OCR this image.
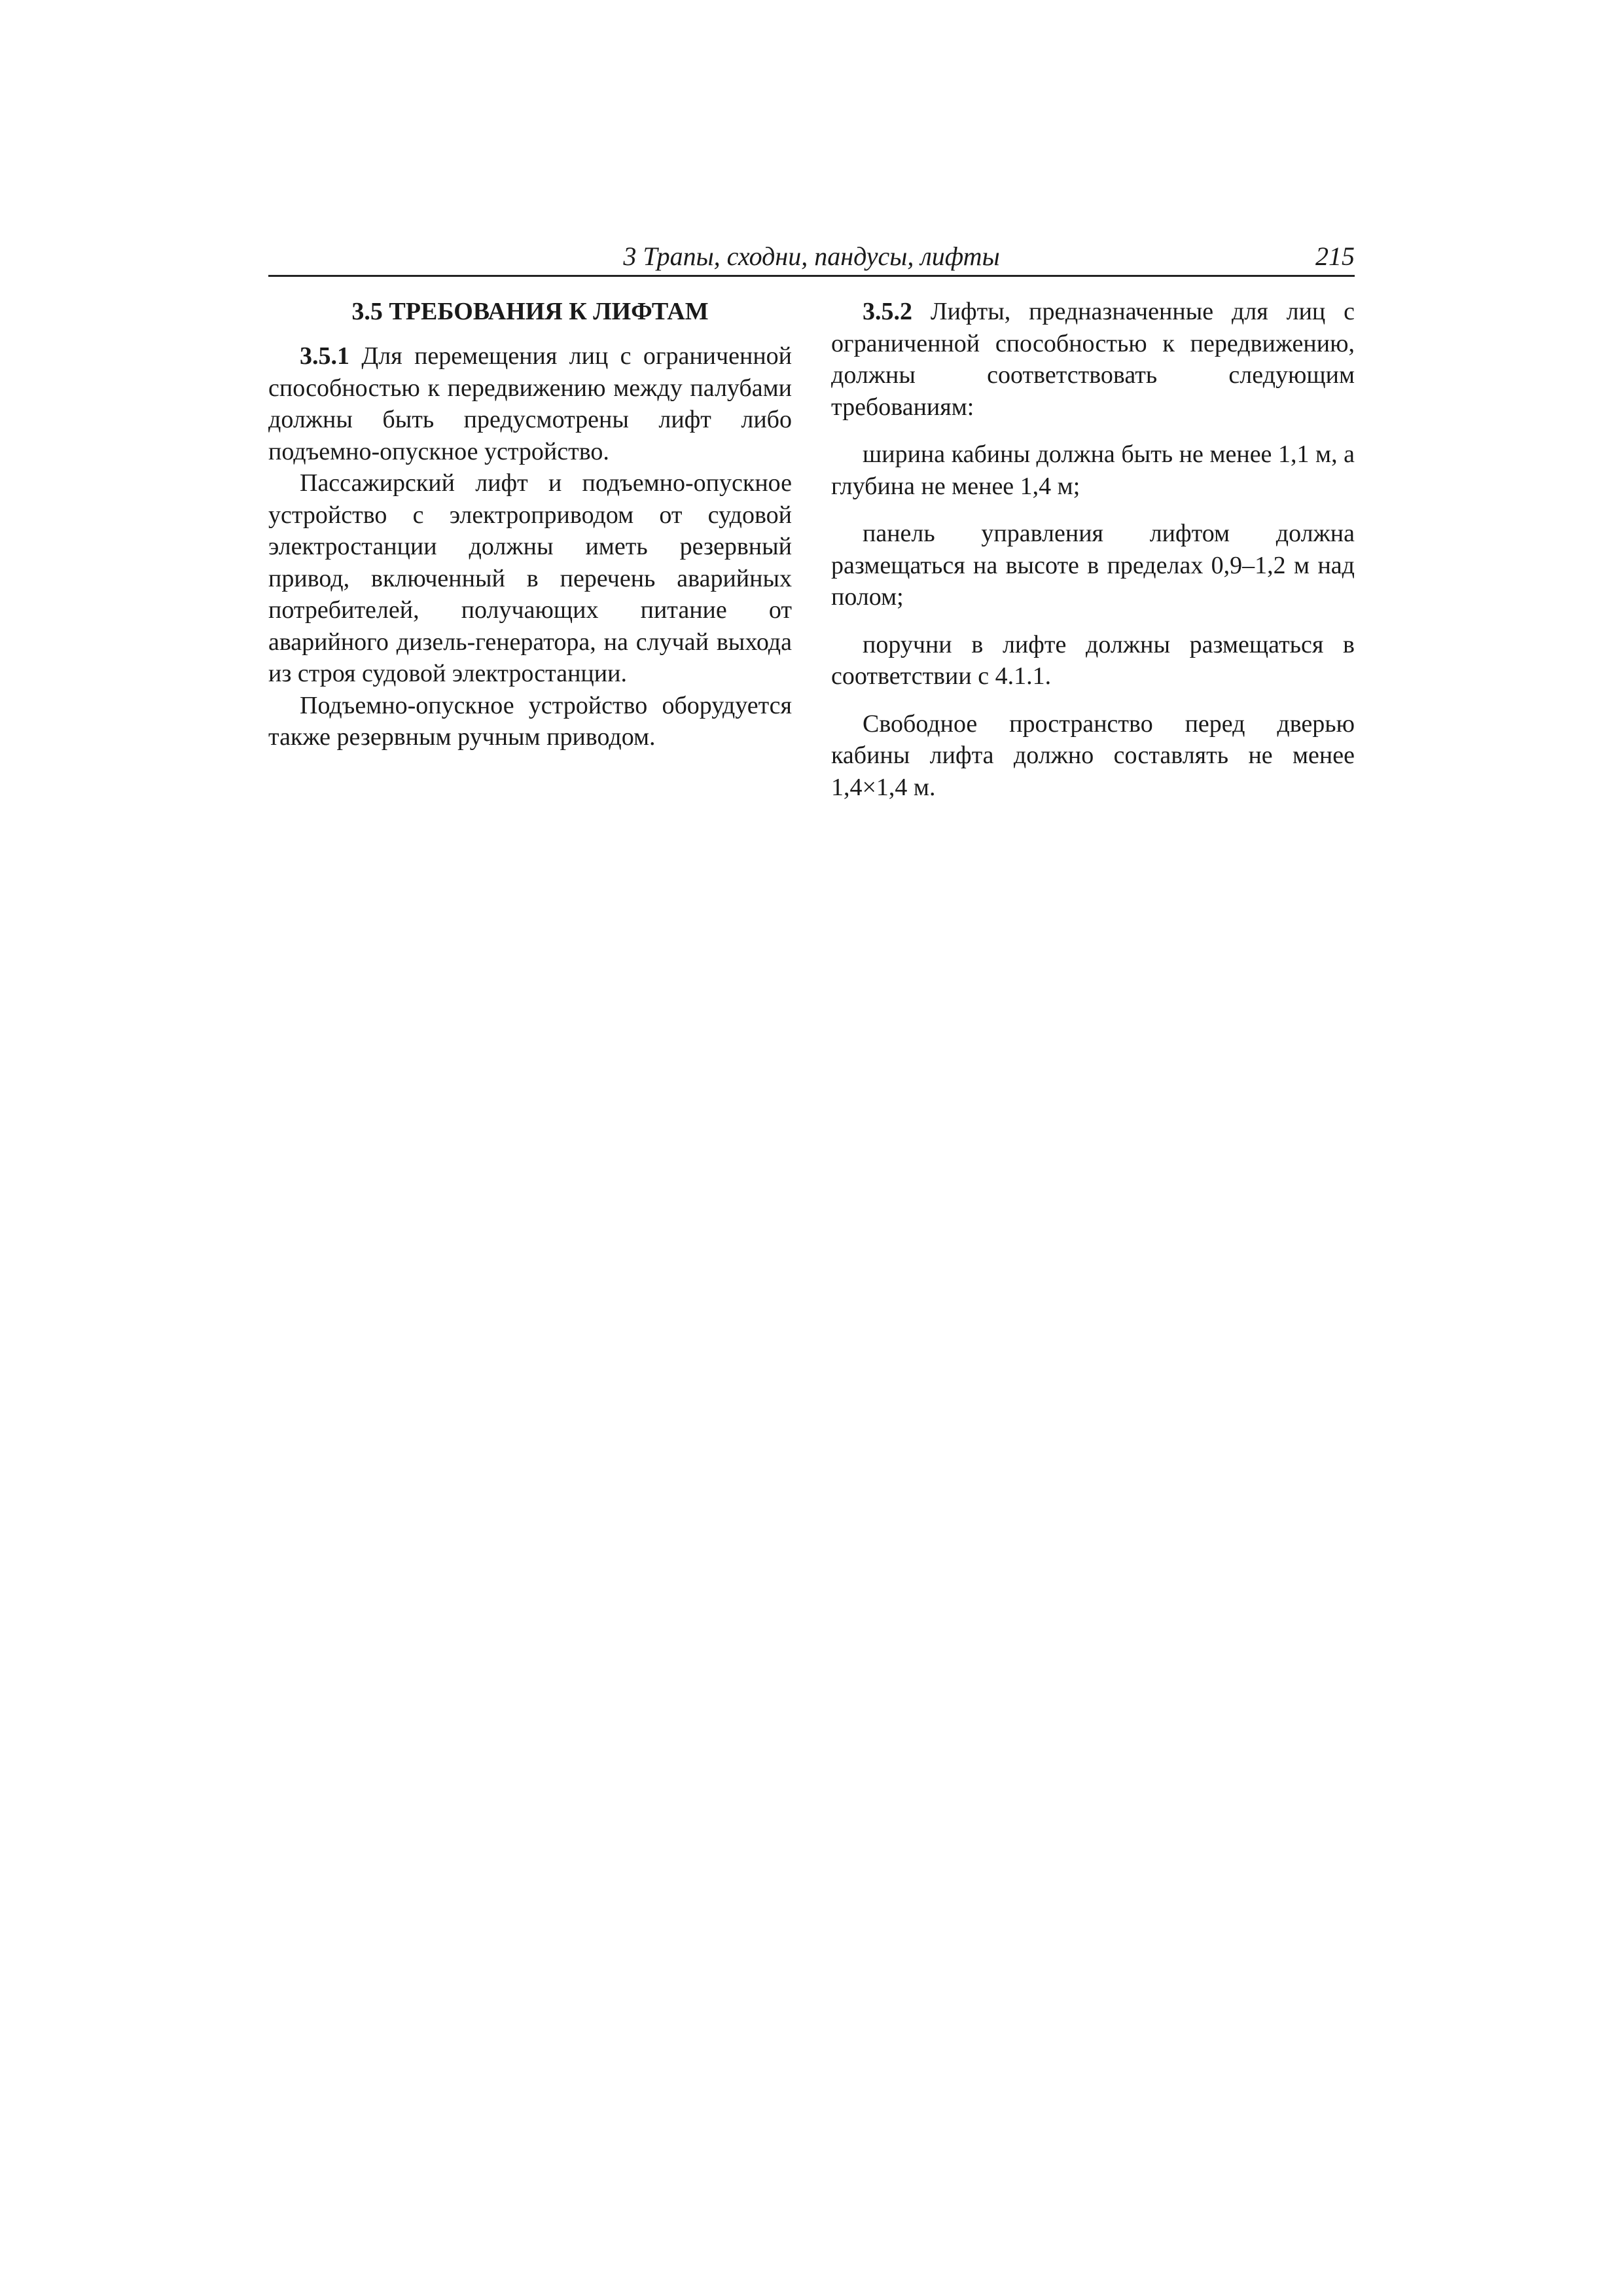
3 Трапы, сходни, пандусы, лифты	215
3.5 ТРЕБОВАНИЯ К ЛИФТАМ

3.5.1 Для перемещения лиц с ограниченной способностью к передвижению между палубами должны быть предусмотрены лифт либо подъемно-опускное устройство.

Пассажирский лифт и подъемно-опускное устройство с электроприводом от судовой электростанции должны иметь резервный привод, включенный в перечень аварийных потребителей, получающих питание от аварийного дизель-генератора, на случай выхода из строя судовой электростанции.

Подъемно-опускное устройство оборудуется также резервным ручным приводом.

3.5.2 Лифты, предназначенные для лиц с ограниченной способностью к передвижению, должны соответствовать следующим требованиям:

ширина кабины должна быть не менее 1,1 м, а глубина не менее 1,4 м;

панель управления лифтом должна размещаться на высоте в пределах 0,9–1,2 м над полом;

поручни в лифте должны размещаться в соответствии с 4.1.1.

Свободное пространство перед дверью кабины лифта должно составлять не менее 1,4×1,4 м.
